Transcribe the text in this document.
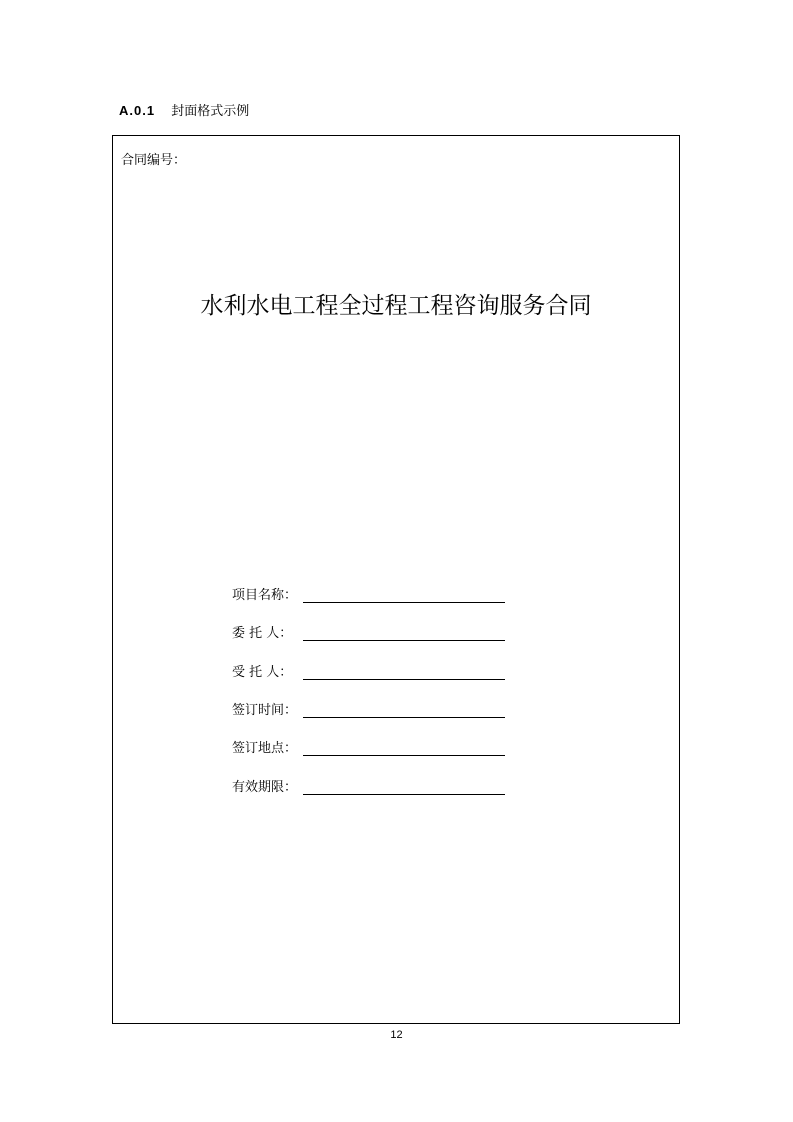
A.0.1 封面格式示例
合同编号：
水利水电工程全过程工程咨询服务合同
项目名称：
委 托 人：
受 托 人：
签订时间：
签订地点：
有效期限：
12
